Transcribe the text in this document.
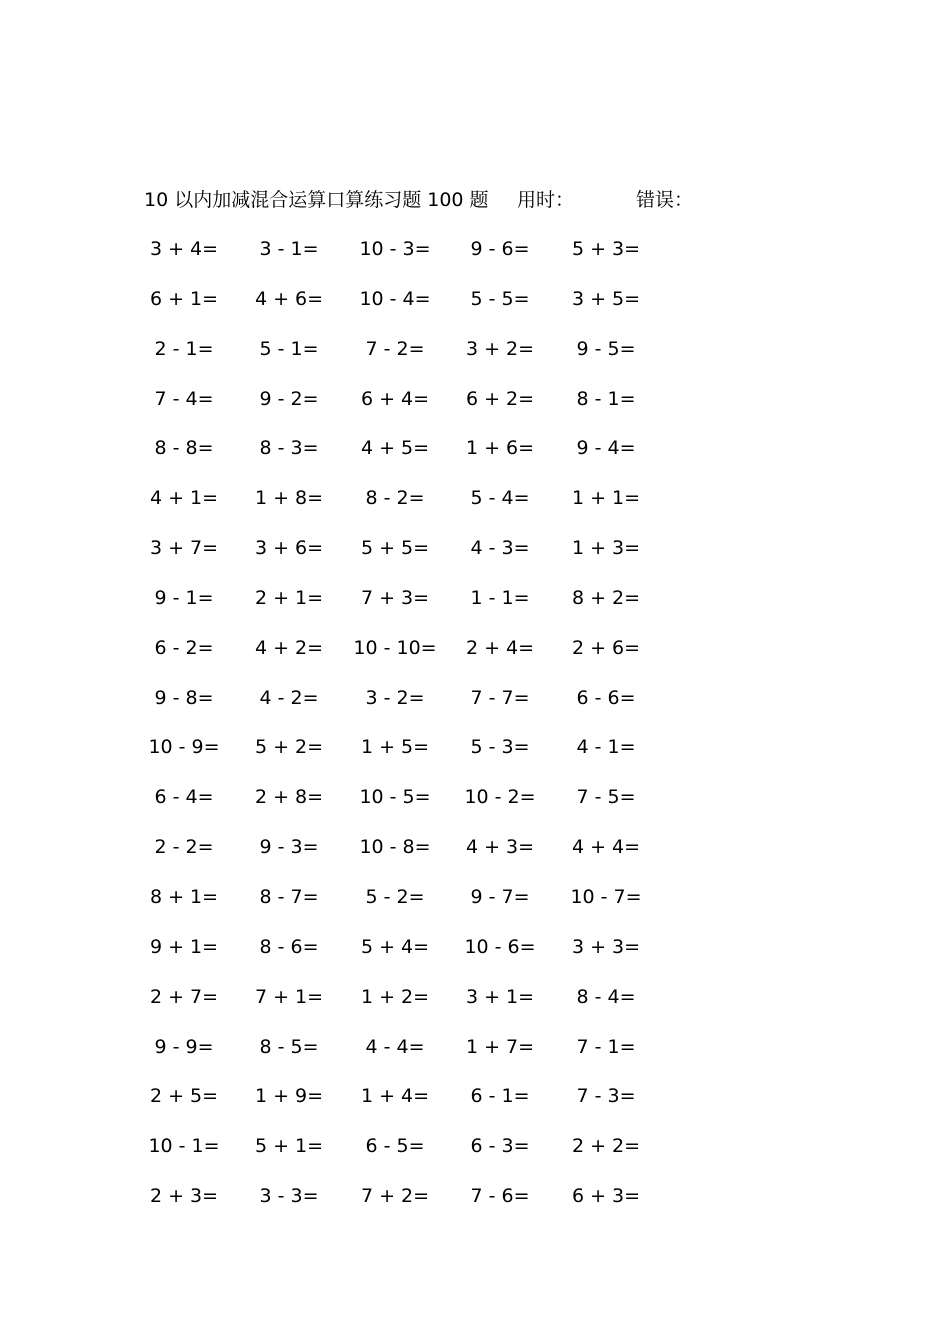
10 以内加减混合运算口算练习题 100 题 用时：	错误：
3 + 4=	3 - 1=	10 - 3=	9 - 6=	5 + 3=
6 + 1=	4 + 6=	10 - 4=	5 - 5=	3 + 5=
2 - 1=	5 - 1=	7 - 2=	3 + 2=	9 - 5=
7 - 4=	9 - 2=	6 + 4=	6 + 2=	8 - 1=
8 - 8=	8 - 3=	4 + 5=	1 + 6=	9 - 4=
4 + 1=	1 + 8=	8 - 2=	5 - 4=	1 + 1=
3 + 7=	3 + 6=	5 + 5=	4 - 3=	1 + 3=
9 - 1=	2 + 1=	7 + 3=	1 - 1=	8 + 2=
6 - 2=	4 + 2=	10 - 10=	2 + 4=	2 + 6=
9 - 8=	4 - 2=	3 - 2=	7 - 7=	6 - 6=
10 - 9=	5 + 2=	1 + 5=	5 - 3=	4 - 1=
6 - 4=	2 + 8=	10 - 5=	10 - 2=	7 - 5=
2 - 2=	9 - 3=	10 - 8=	4 + 3=	4 + 4=
8 + 1=	8 - 7=	5 - 2=	9 - 7=	10 - 7=
9 + 1=	8 - 6=	5 + 4=	10 - 6=	3 + 3=
2 + 7=	7 + 1=	1 + 2=	3 + 1=	8 - 4=
9 - 9=	8 - 5=	4 - 4=	1 + 7=	7 - 1=
2 + 5=	1 + 9=	1 + 4=	6 - 1=	7 - 3=
10 - 1=	5 + 1=	6 - 5=	6 - 3=	2 + 2=
2 + 3=	3 - 3=	7 + 2=	7 - 6=	6 + 3=
